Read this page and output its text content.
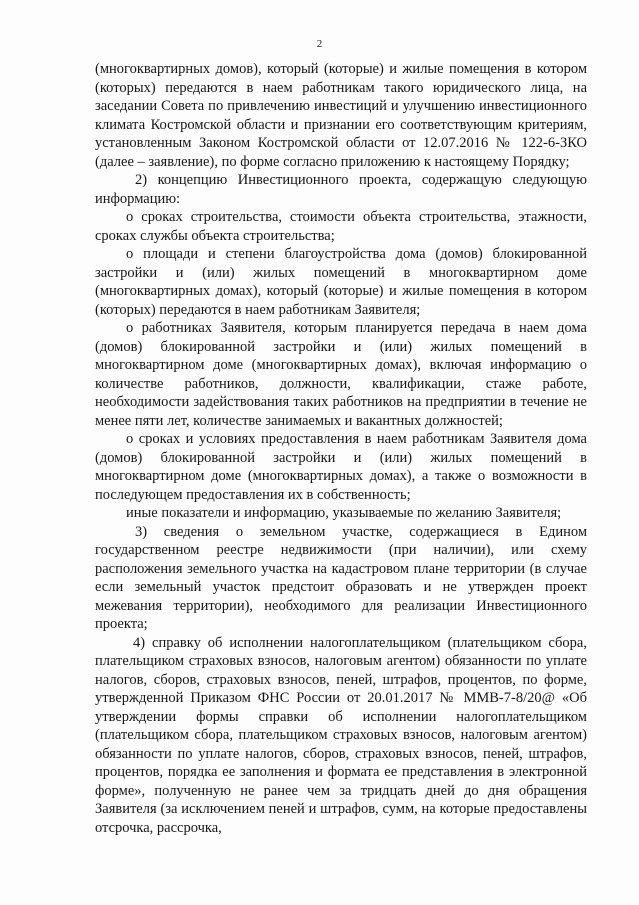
2

(многоквартирных домов), который (которые) и жилые помещения в котором (которых) передаются в наем работникам такого юридического лица, на заседании Совета по привлечению инвестиций и улучшению инвестиционного климата Костромской области и признании его соответствующим критериям, установленным Законом Костромской области от 12.07.2016 № 122-6-ЗКО (далее – заявление), по форме согласно приложению к настоящему Порядку;

2) концепцию Инвестиционного проекта, содержащую следующую информацию:

о сроках строительства, стоимости объекта строительства, этажности, сроках службы объекта строительства;

о площади и степени благоустройства дома (домов) блокированной застройки и (или) жилых помещений в многоквартирном доме (многоквартирных домах), который (которые) и жилые помещения в котором (которых) передаются в наем работникам Заявителя;

о работниках Заявителя, которым планируется передача в наем дома (домов) блокированной застройки и (или) жилых помещений в многоквартирном доме (многоквартирных домах), включая информацию о количестве работников, должности, квалификации, стаже работе, необходимости задействования таких работников на предприятии в течение не менее пяти лет, количестве занимаемых и вакантных должностей;

о сроках и условиях предоставления в наем работникам Заявителя дома (домов) блокированной застройки и (или) жилых помещений в многоквартирном доме (многоквартирных домах), а также о возможности в последующем предоставления их в собственность;

иные показатели и информацию, указываемые по желанию Заявителя;

3) сведения о земельном участке, содержащиеся в Едином государственном реестре недвижимости (при наличии), или схему расположения земельного участка на кадастровом плане территории (в случае если земельный участок предстоит образовать и не утвержден проект межевания территории), необходимого для реализации Инвестиционного проекта;

4) справку об исполнении налогоплательщиком (плательщиком сбора, плательщиком страховых взносов, налоговым агентом) обязанности по уплате налогов, сборов, страховых взносов, пеней, штрафов, процентов, по форме, утвержденной Приказом ФНС России от 20.01.2017 № ММВ-7-8/20@ «Об утверждении формы справки об исполнении налогоплательщиком (плательщиком сбора, плательщиком страховых взносов, налоговым агентом) обязанности по уплате налогов, сборов, страховых взносов, пеней, штрафов, процентов, порядка ее заполнения и формата ее представления в электронной форме», полученную не ранее чем за тридцать дней до дня обращения Заявителя (за исключением пеней и штрафов, сумм, на которые предоставлены отсрочка, рассрочка,
